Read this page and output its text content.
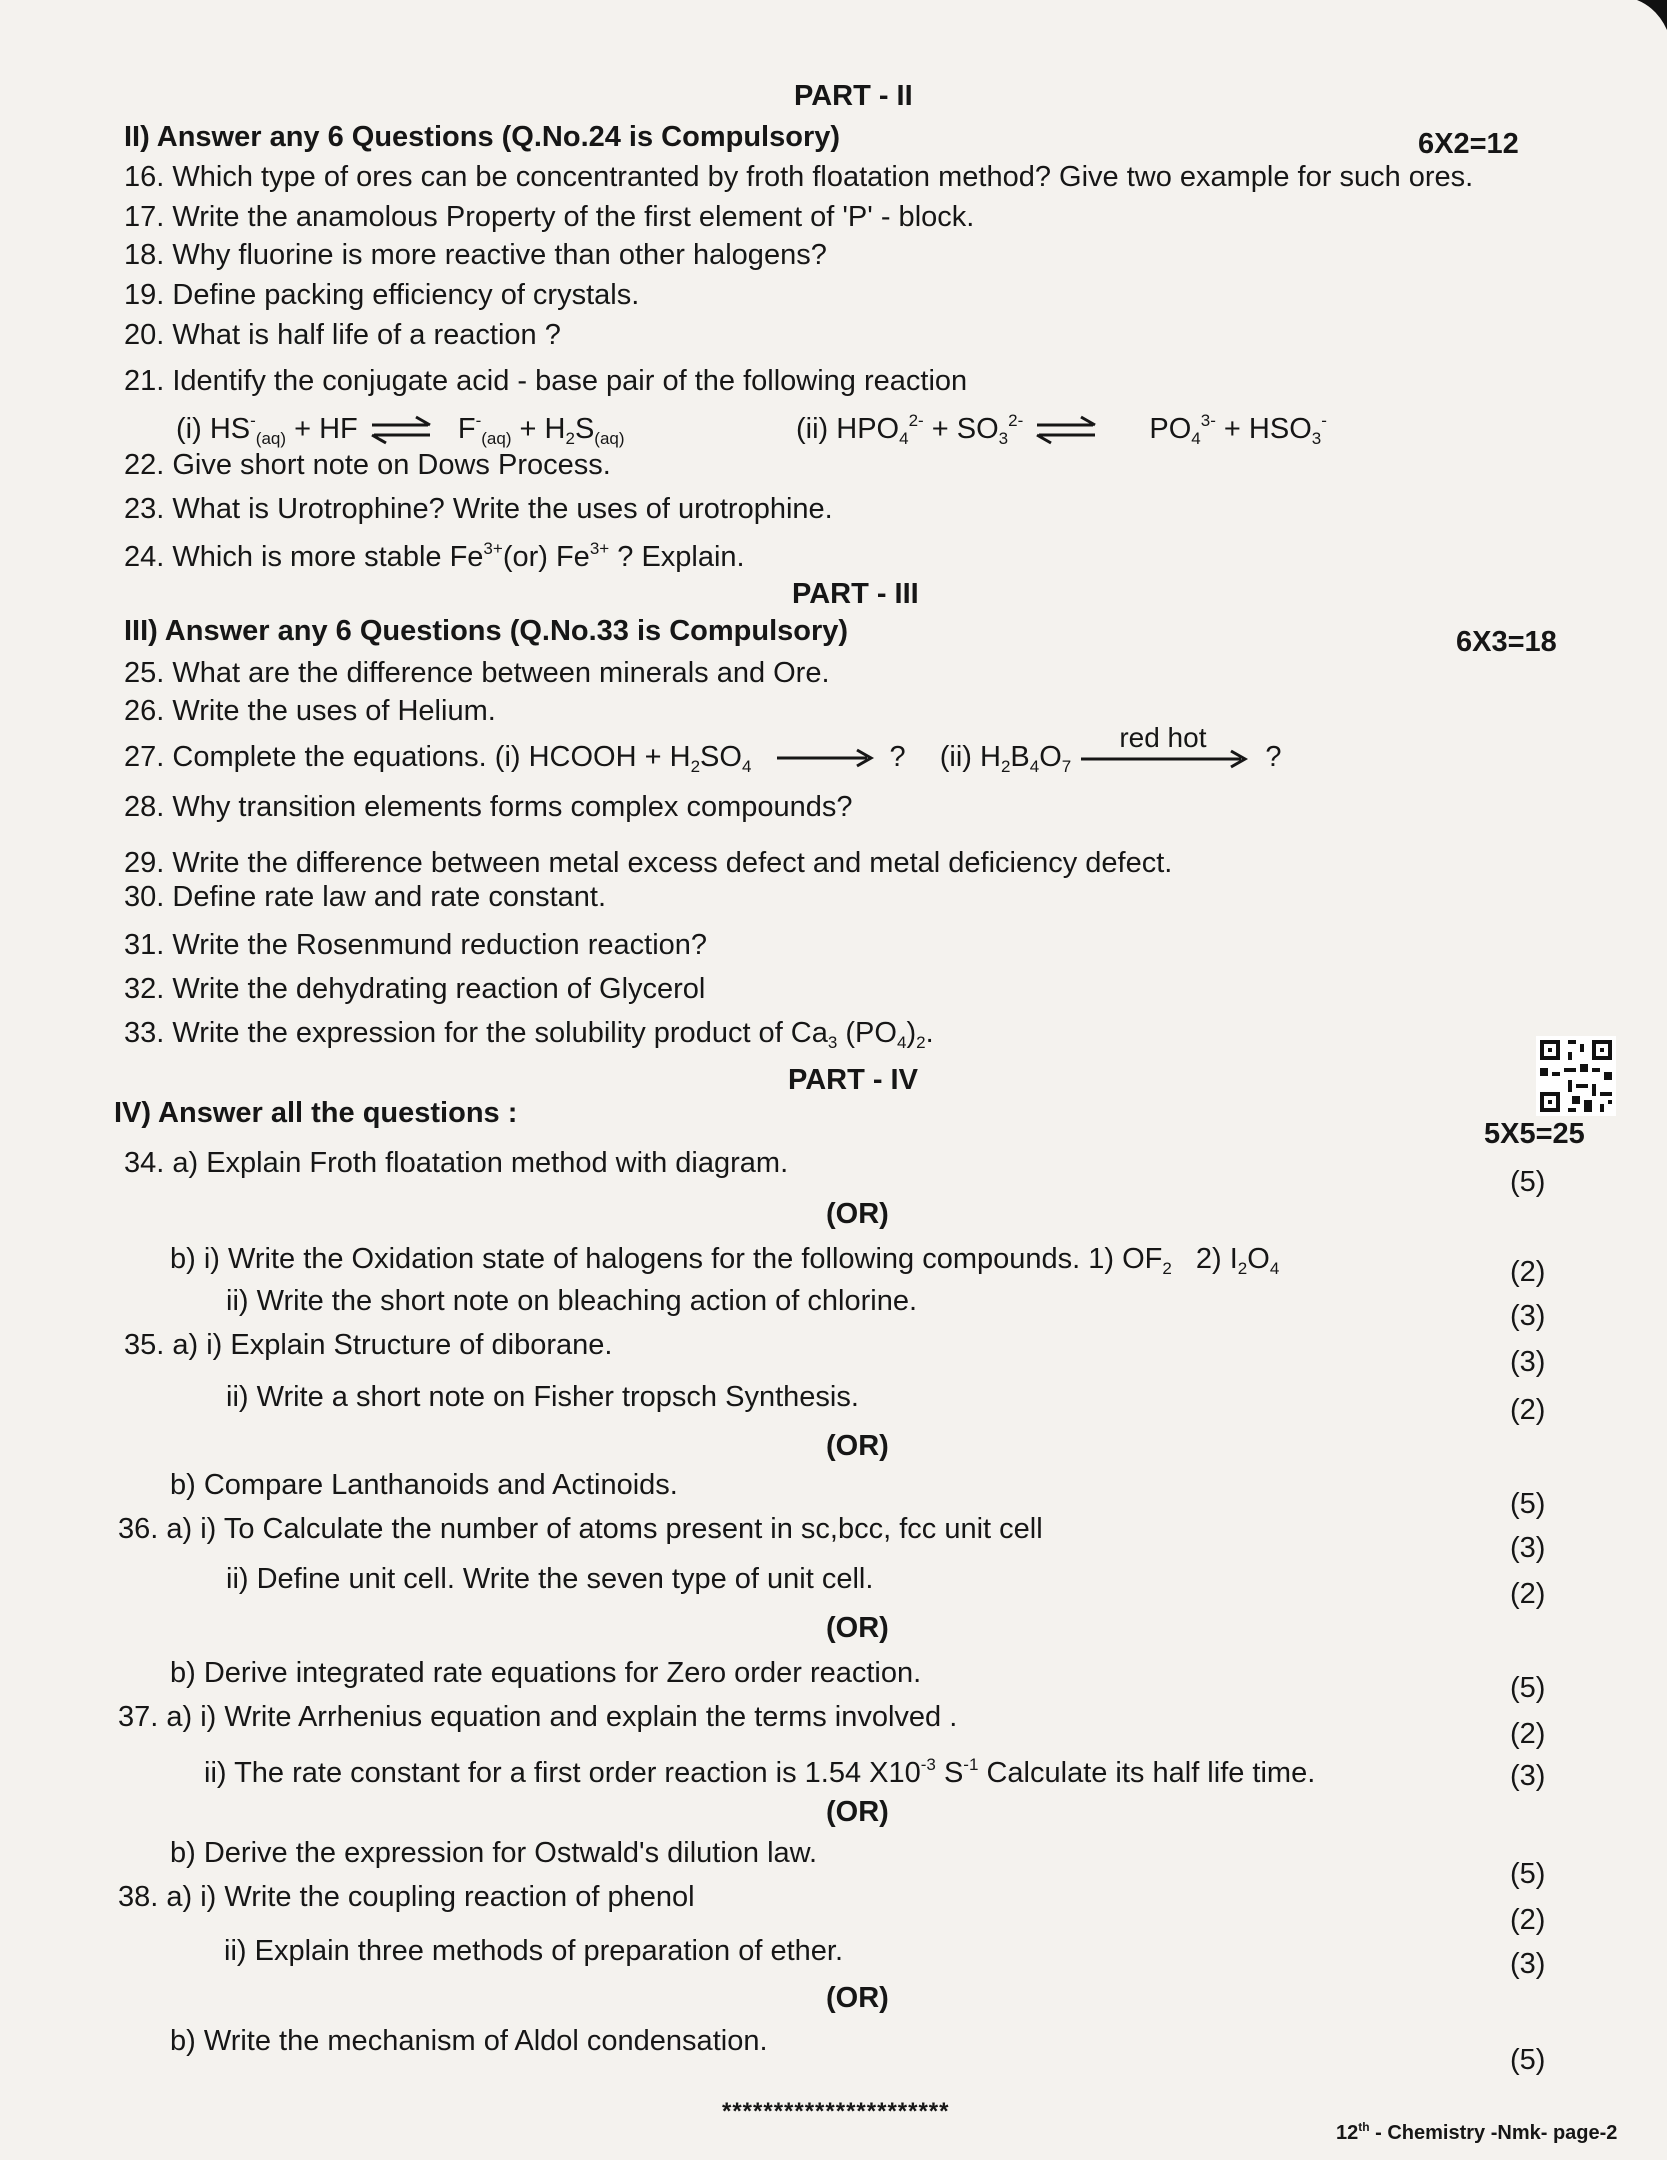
PART - II
II) Answer any 6 Questions (Q.No.24 is Compulsory)	6X2=12
16. Which type of ores can be concentranted by froth floatation method? Give two example for such ores.
17. Write the anamolous Property of the first element of 'P' - block.
18. Why fluorine is more reactive than other halogens?
19. Define packing efficiency of crystals.
20. What is half life of a reaction ?
21. Identify the conjugate acid - base pair of the following reaction
(i) $HS^-_{(aq)}$ + HF ⇌ $F^-_{(aq)} + H_2S_{(aq)}$	(ii) $HPO_4^{2-} + SO_3^{2-}$ ⇌ $PO_4^{3-} + HSO_3^-$
22. Give short note on Dows Process.
23. What is Urotrophine? Write the uses of urotrophine.
24. Which is more stable $Fe^{3+}(or)$ $Fe^{3+}$ ? Explain.
PART - III
III) Answer any 6 Questions (Q.No.33 is Compulsory)	6X3=18
25. What are the difference between minerals and Ore.
26. Write the uses of Helium.
27. Complete the equations. (i) HCOOH + $H_2SO_4$ → ? (ii) $H_2B_4O_7$
red hot
?
28. Why transition elements forms complex compounds?
29. Write the difference between metal excess defect and metal deficiency defect.
30. Define rate law and rate constant.
31. Write the Rosenmund reduction reaction?
32. Write the dehydrating reaction of Glycerol
33. Write the expression for the solubility product of $Ca_3$ $(PO_4)_2$.
PART - IV
IV) Answer all the questions :
5X5=25
34. a) Explain Froth floatation method with diagram.
(5)
(OR)
b) i) Write the Oxidation state of halogens for the following compounds. 1) $OF_2$ 2) $I_2O_4$	(2)
ii) Write the short note on bleaching action of chlorine.	(3)
35. a) i) Explain Structure of diborane.
(3)
ii) Write a short note on Fisher tropsch Synthesis.	(2)
(OR)
b) Compare Lanthanoids and Actinoids.
(5)
36. a) i) To Calculate the number of atoms present in sc,bcc, fcc unit cell
(3)
ii) Define unit cell. Write the seven type of unit cell.	(2)
(OR)
b) Derive integrated rate equations for Zero order reaction.	(5)
37. a) i) Write Arrhenius equation and explain the terms involved .
(2)
ii) The rate constant for a first order reaction is 1.54 $X10^{-3}$ $S^{-1}$ Calculate its half life time.	(3)
(OR)
b) Derive the expression for Ostwald's dilution law.
(5)
38. a) i) Write the coupling reaction of phenol
(2)
ii) Explain three methods of preparation of ether.	(3)
(OR)
b) Write the mechanism of Aldol condensation.
(5)
**********************
12th - Chemistry -Nmk- page-2
